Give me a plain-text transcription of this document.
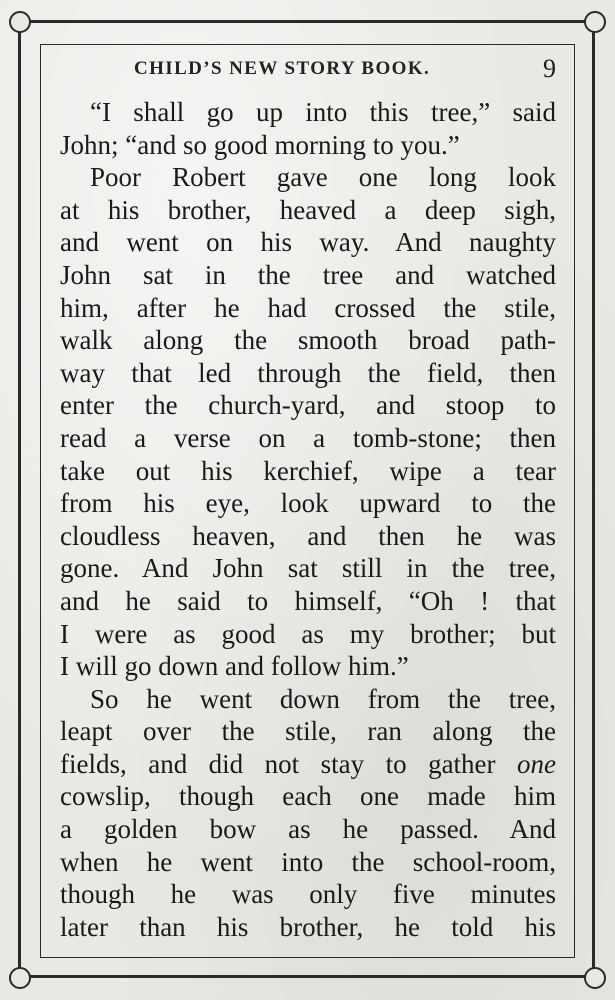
CHILD’S NEW STORY BOOK.	9
“I shall go up into this tree,” said
John; “and so good morning to you.”
Poor Robert gave one long look
at his brother, heaved a deep sigh,
and went on his way. And naughty
John sat in the tree and watched
him, after he had crossed the stile,
walk along the smooth broad path-
way that led through the field, then
enter the church-yard, and stoop to
read a verse on a tomb-stone; then
take out his kerchief, wipe a tear
from his eye, look upward to the
cloudless heaven, and then he was
gone. And John sat still in the tree,
and he said to himself, “Oh ! that
I were as good as my brother; but
I will go down and follow him.”
So he went down from the tree,
leapt over the stile, ran along the
fields, and did not stay to gather one
cowslip, though each one made him
a golden bow as he passed. And
when he went into the school-room,
though he was only five minutes
later than his brother, he told his
